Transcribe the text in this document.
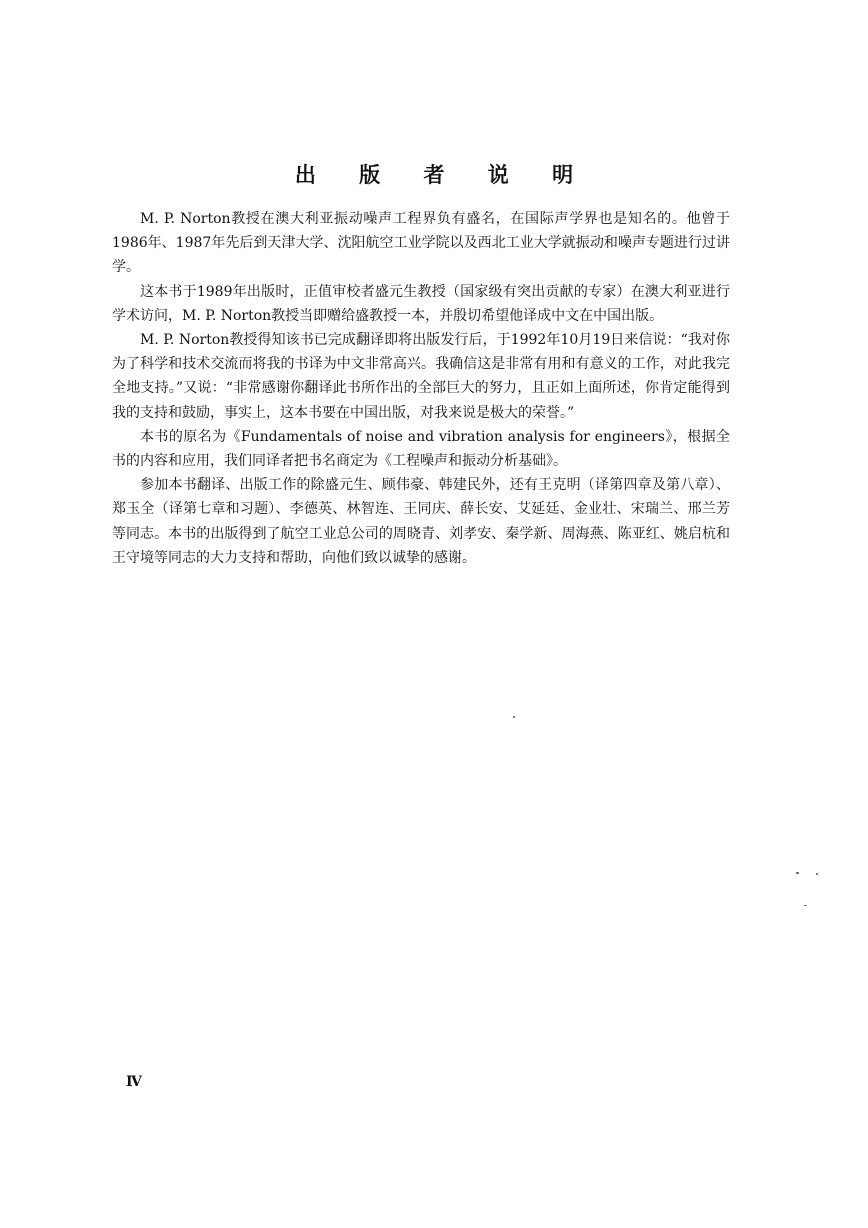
出 版 者 说 明

M. P. Norton教授在澳大利亚振动噪声工程界负有盛名，在国际声学界也是知名的。他曾于1986年、1987年先后到天津大学、沈阳航空工业学院以及西北工业大学就振动和噪声专题进行过讲学。

这本书于1989年出版时，正值审校者盛元生教授（国家级有突出贡献的专家）在澳大利亚进行学术访问，M. P. Norton教授当即赠给盛教授一本，并殷切希望他译成中文在中国出版。

M. P. Norton教授得知该书已完成翻译即将出版发行后，于1992年10月19日来信说：“我对你为了科学和技术交流而将我的书译为中文非常高兴。我确信这是非常有用和有意义的工作，对此我完全地支持。”又说：“非常感谢你翻译此书所作出的全部巨大的努力，且正如上面所述，你肯定能得到我的支持和鼓励，事实上，这本书要在中国出版，对我来说是极大的荣誉。”

本书的原名为《Fundamentals of noise and vibration analysis for engineers》，根据全书的内容和应用，我们同译者把书名商定为《工程噪声和振动分析基础》。

参加本书翻译、出版工作的除盛元生、顾伟豪、韩建民外，还有王克明（译第四章及第八章）、郑玉全（译第七章和习题）、李德英、林智连、王同庆、薛长安、艾延廷、金业壮、宋瑞兰、邢兰芳等同志。本书的出版得到了航空工业总公司的周晓青、刘孝安、秦学新、周海燕、陈亚红、姚启杭和王守境等同志的大力支持和帮助，向他们致以诚挚的感谢。

Ⅳ
